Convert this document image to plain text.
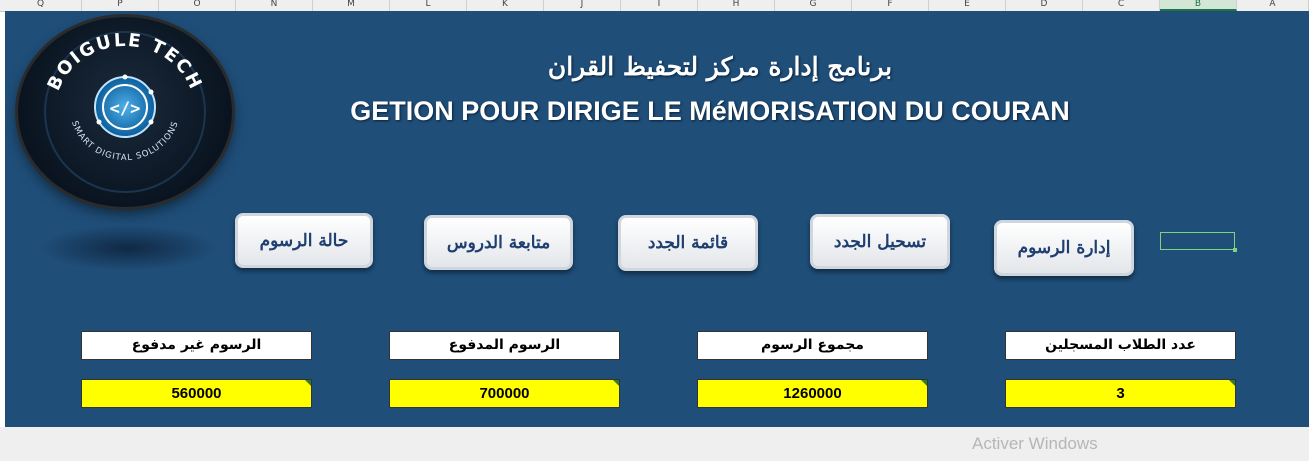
Q	P	O	N	M	L	K	J	I	H	G	F	E	D	C	B	A
BOIGULE TECH
SMART DIGITAL SOLUTIONS
</>
برنامج إدارة مركز لتحفيظ القران
GETION POUR DIRIGE LE MéMORISATION DU COURAN
حالة الرسوم	متابعة الدروس	قائمة الجدد	تسحيل الجدد	إدارة الرسوم
الرسوم غير مدفوع	الرسوم المدفوع	مجموع الرسوم	عدد الطلاب المسجلين
560000	700000	1260000	3
Activer Windows
